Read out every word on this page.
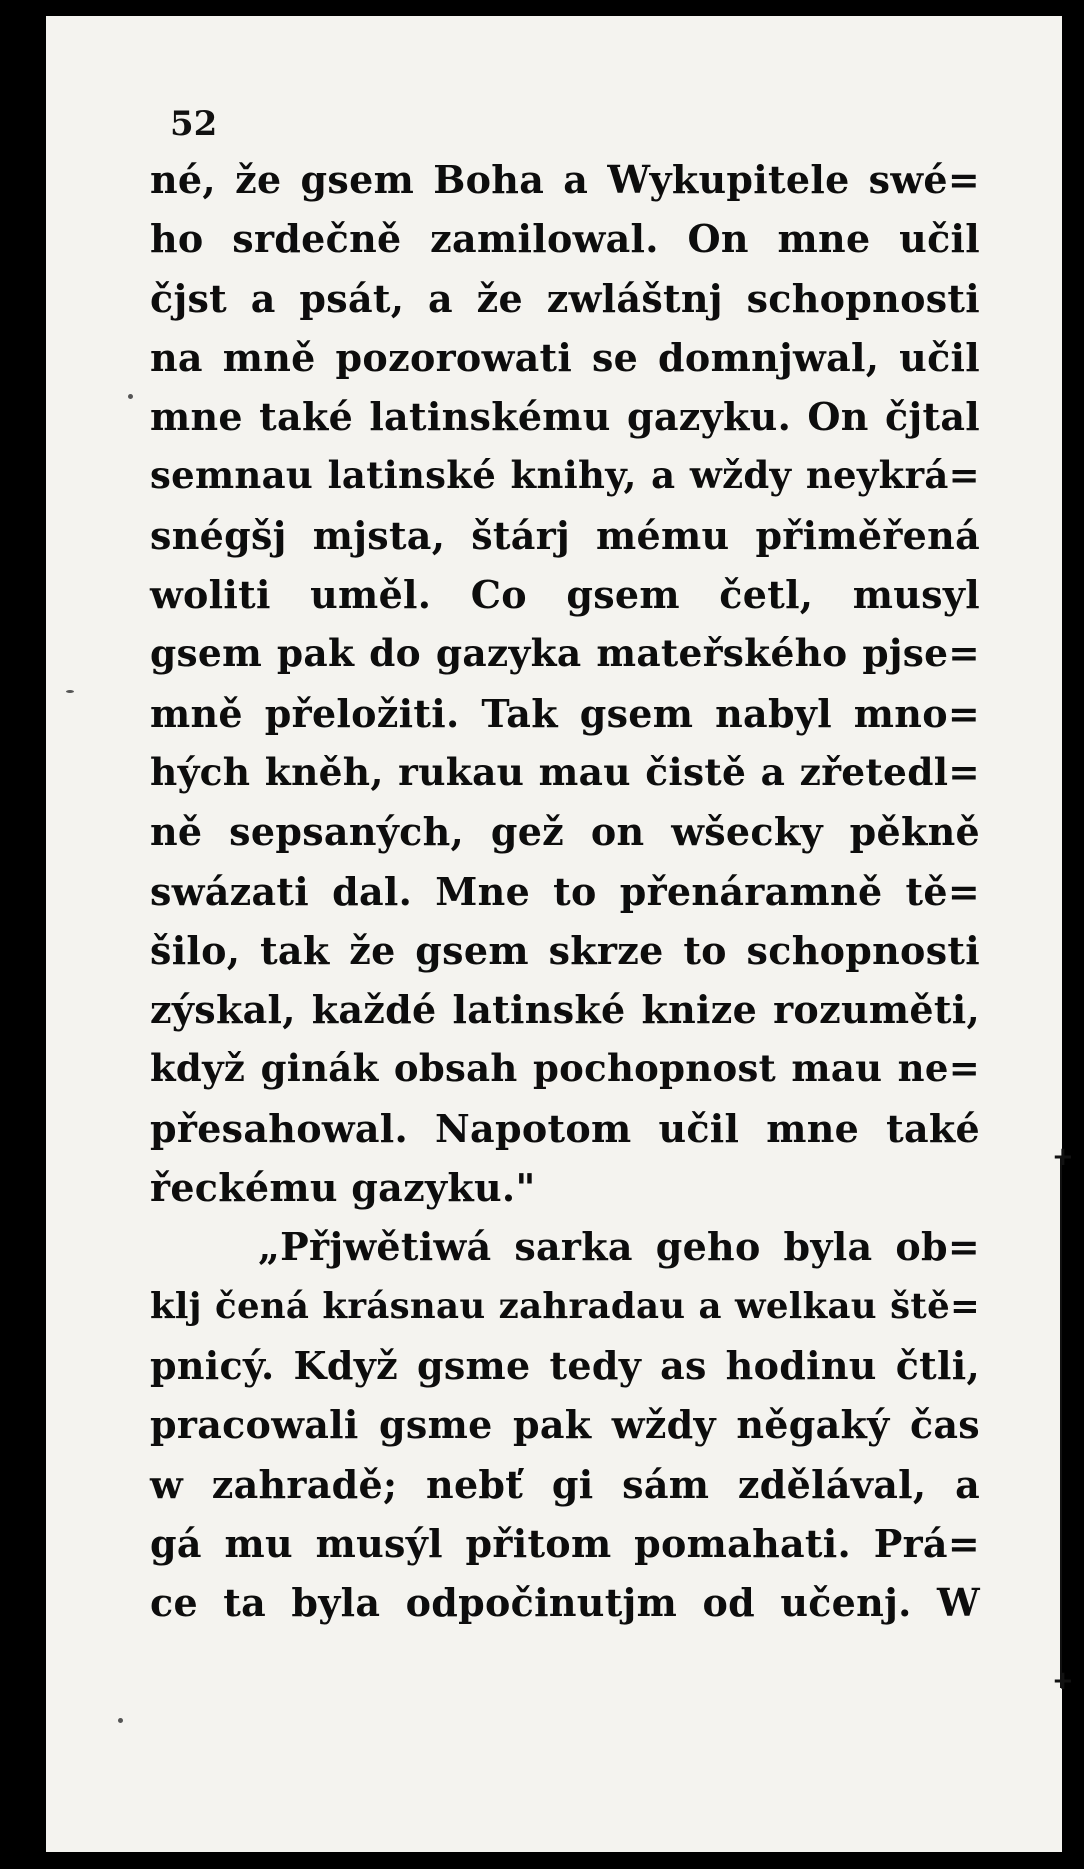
52
né, že gsem Boha a Wykupitele swé=
ho srdečně zamilowal. On mne učil
čjst a psát, a že zwláštnj schopnosti
na mně pozorowati se domnjwal, učil
mne také latinskému gazyku. On čjtal
semnau latinské knihy, a wždy neykrá=
snégšj mjsta, štárj mému přiměřená
woliti uměl. Co gsem četl, musyl
gsem pak do gazyka mateřského pjse=
mně přeložiti. Tak gsem nabyl mno=
hých kněh, rukau mau čistě a zřetedl=
ně sepsaných, gež on wšecky pěkně
swázati dal. Mne to přenáramně tě=
šilo, tak že gsem skrze to schopnosti
zýskal, každé latinské knize rozuměti,
když ginák obsah pochopnost mau ne=
přesahowal. Napotom učil mne také
řeckému gazyku."
„Přjwětiwá sarka geho byla ob=
klj čená krásnau zahradau a welkau ště=
pnicý. Když gsme tedy as hodinu čtli,
pracowali gsme pak wždy něgaký čas
w zahradě; nebť gi sám zdělával, a
gá mu musýl přitom pomahati. Prá=
ce ta byla odpočinutjm od učenj. W
+
+
